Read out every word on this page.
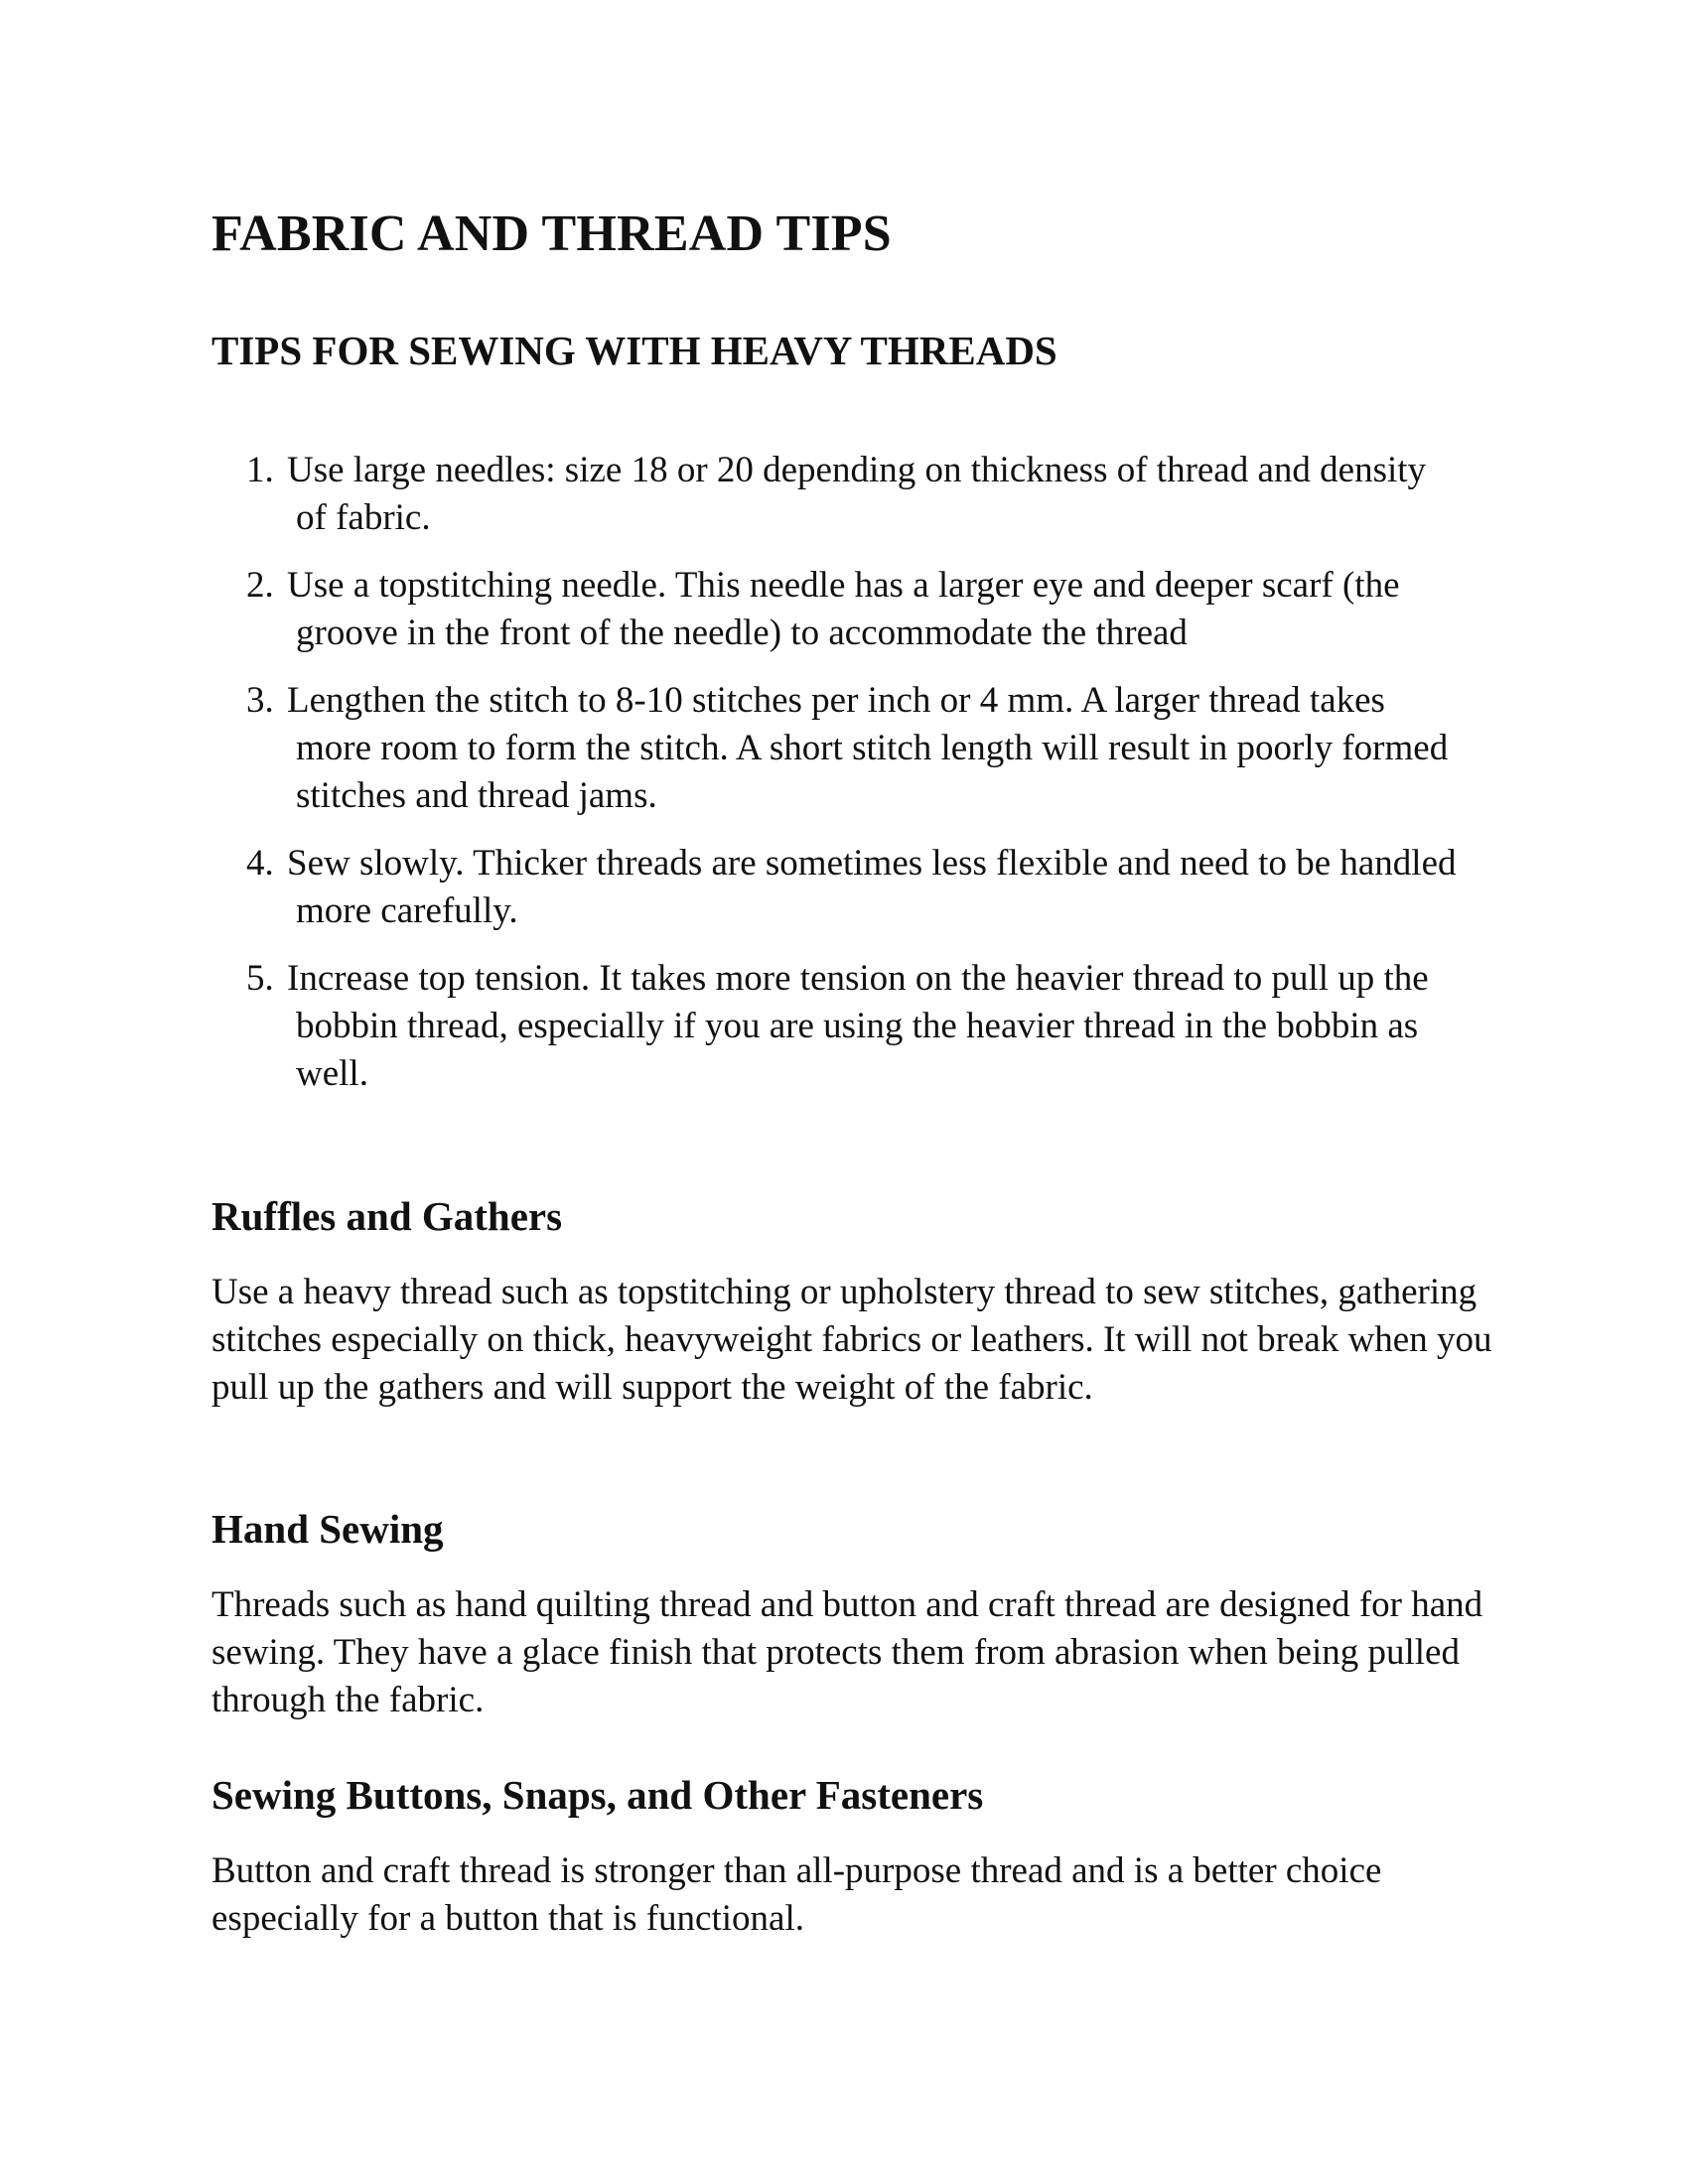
FABRIC AND THREAD TIPS
TIPS FOR SEWING WITH HEAVY THREADS
1. Use large needles: size 18 or 20 depending on thickness of thread and density of fabric.
2. Use a topstitching needle. This needle has a larger eye and deeper scarf (the groove in the front of the needle) to accommodate the thread
3. Lengthen the stitch to 8-10 stitches per inch or 4 mm. A larger thread takes more room to form the stitch. A short stitch length will result in poorly formed stitches and thread jams.
4. Sew slowly. Thicker threads are sometimes less flexible and need to be handled more carefully.
5. Increase top tension. It takes more tension on the heavier thread to pull up the bobbin thread, especially if you are using the heavier thread in the bobbin as well.
Ruffles and Gathers

Use a heavy thread such as topstitching or upholstery thread to sew stitches, gathering stitches especially on thick, heavyweight fabrics or leathers. It will not break when you pull up the gathers and will support the weight of the fabric.

Hand Sewing

Threads such as hand quilting thread and button and craft thread are designed for hand sewing. They have a glace finish that protects them from abrasion when being pulled through the fabric.

Sewing Buttons, Snaps, and Other Fasteners

Button and craft thread is stronger than all-purpose thread and is a better choice especially for a button that is functional.
